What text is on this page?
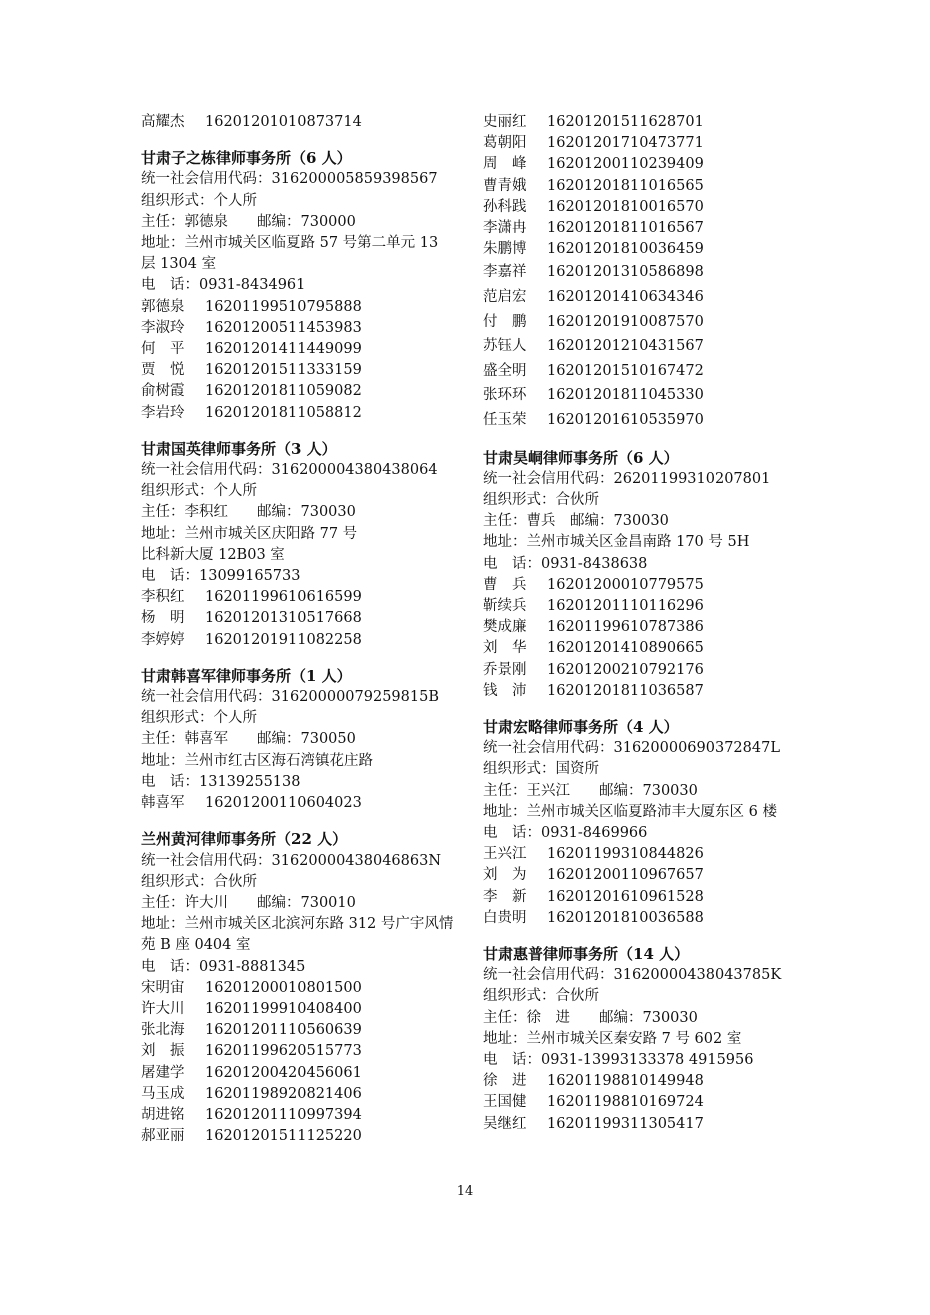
高耀杰 16201201010873714
甘肃子之栋律师事务所（6 人）
统一社会信用代码：31620000585939856​7
组织形式：个人所
主任：郭德泉　　邮编：730000
地址：兰州市城关区临夏路 57 号第二单元 13 层 1304 室
电　话：0931-8434961
郭德泉 16201199510795888
李淑玲 16201200511453983
何　平 16201201411449099
贾　悦 16201201511333159
俞树霞 16201201811059082
李岩玲 16201201811058812
甘肃国英律师事务所（3 人）
统一社会信用代码：316200004380438064
组织形式：个人所
主任：李积红　　邮编：730030
地址：兰州市城关区庆阳路 77 号
比科新大厦 12B03 室
电　话：13099165733
李积红 16201199610616599
杨　明 16201201310517668
李婷婷16201201911082258
甘肃韩喜军律师事务所（1 人）
统一社会信用代码：31620000079259815B
组织形式：个人所
主任：韩喜军　　邮编：730050
地址：兰州市红古区海石湾镇花庄路
电　话：13139255138
韩喜军 16201200110604023
兰州黄河律师事务所（22 人）
统一社会信用代码：31620000438046863N
组织形式：合伙所
主任：许大川　　邮编：730010
地址：兰州市城关区北滨河东路 312 号广宇风情苑 B 座 0404 室
电　话：0931-8881345
宋明宙 16201200010801500
许大川 16201199910408400
张北海 16201201110560639
刘　振 16201199620515773
屠建学 16201200420456061
马玉成 16201198920821406
胡进铭 16201201110997394
郝亚丽 16201201511125220
史丽红 16201201511628701
葛朝阳 16201201710473771
周　峰 16201200110239409
曹青娥 16201201811016565
孙科践 16201201810016570
李潇冉 16201201811016567
朱鹏博 16201201810036459
李嘉祥 16201201310586898
范启宏 16201201410634346
付　鹏 16201201910087570
苏钰人 16201201210431567
盛全明 16201201510167472
张环环 16201201811045330
任玉荣 16201201610535970
甘肃昊峒律师事务所（6 人）
统一社会信用代码：26201199310207801
组织形式：合伙所
主任：曹兵　邮编：730030
地址：兰州市城关区金昌南路 170 号 5H
电　话：0931-8438638
曹　兵 16201200010779575
靳续兵 16201201110116296
樊成廉 16201199610787386
刘　华 16201201410890665
乔景刚 16201200210792176
钱　沛 16201201811036587
甘肃宏略律师事务所（4 人）
统一社会信用代码：31620000690372847L
组织形式：国资所
主任：王兴江　　邮编：730030
地址：兰州市城关区临夏路沛丰大厦东区 6 楼
电　话：0931-8469966
王兴江 16201199310844826
刘　为 16201200110967657
李　新 16201201610961528
白贵明 16201201810036588
甘肃惠普律师事务所（14 人）
统一社会信用代码：31620000438043785K
组织形式：合伙所
主任：徐　进　　邮编：730030
地址：兰州市城关区秦安路 7 号 602 室
电　话：0931-13993133378 4915956
徐　进 16201198810149948
王国健 16201198810169724
吴继红 16201199311305417
14
